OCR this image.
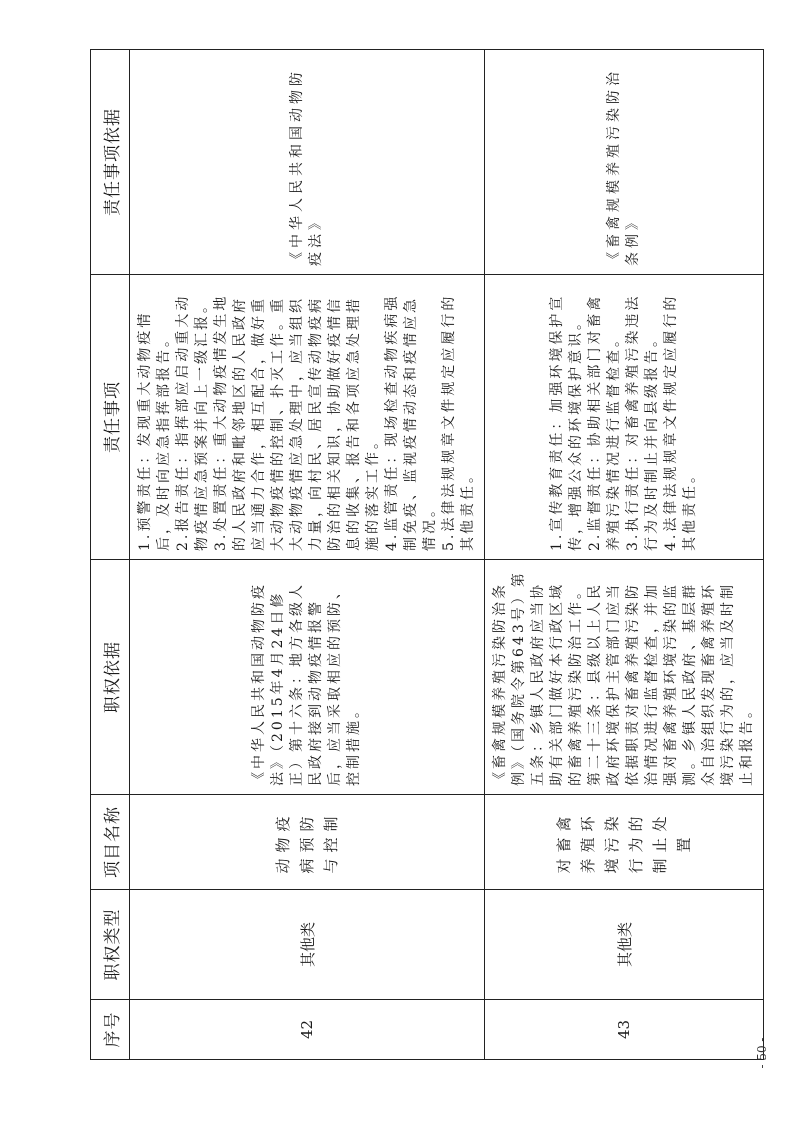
序号	职权类型	项目名称	职权依据	责任事项	责任事项依据
42	其他类	动物疫病预防与控制	《中华人民共和国动物防疫法》（2015年4月24日修正）第十六条：地方各级人民政府接到动物疫情报警后，应当采取相应的预防、控制措施。	1.预警责任：发现重大动物疫情后，及时向应急指挥部报告。 2.报告责任：指挥部应启动重大动物疫情应急预案并向上一级汇报。 3.处置责任：重大动物疫情发生地的人民政府和毗邻地区的人民政府应当通力合作，相互配合，做好重大动物疫情的控制、扑灭工作。重大动物疫情应急处理中，应当组织力量，向村民、居民宣传动物疫病防治的相关知识，协助做好疫情信息的收集、报告和各项应急处理措施的落实工作。 4.监管责任：现场检查动物疾病强制免疫、监视疫情动态和疫情应急情况。 5.法律法规规章文件规定应履行的其他责任。	《中华人民共和国动物防疫法》
43	其他类	对畜禽养殖环境污染行为的制止处置	《畜禽规模养殖污染防治条例》（国务院令第643号）第五条：乡镇人民政府应当协助有关部门做好本行政区域的畜禽养殖污染防治工作。第二十三条：县级以上人民政府环境保护主管部门应当依据职责对畜禽养殖污染防治情况进行监督检查，并加强对畜禽养殖环境污染的监测。乡镇人民政府、基层群众自治组织发现畜禽养殖环境污染行为的，应当及时制止和报告。	1.宣传教育责任：加强环境保护宣传，增强公众的环境保护意识。 2.监督责任：协助相关部门对畜禽养殖污染情况进行监督检查。 3.执行责任：对畜禽养殖污染违法行为及时制止并向县级报告。 4.法律法规规章文件规定应履行的其他责任。	《畜禽规模养殖污染防治条例》
- 50 -
